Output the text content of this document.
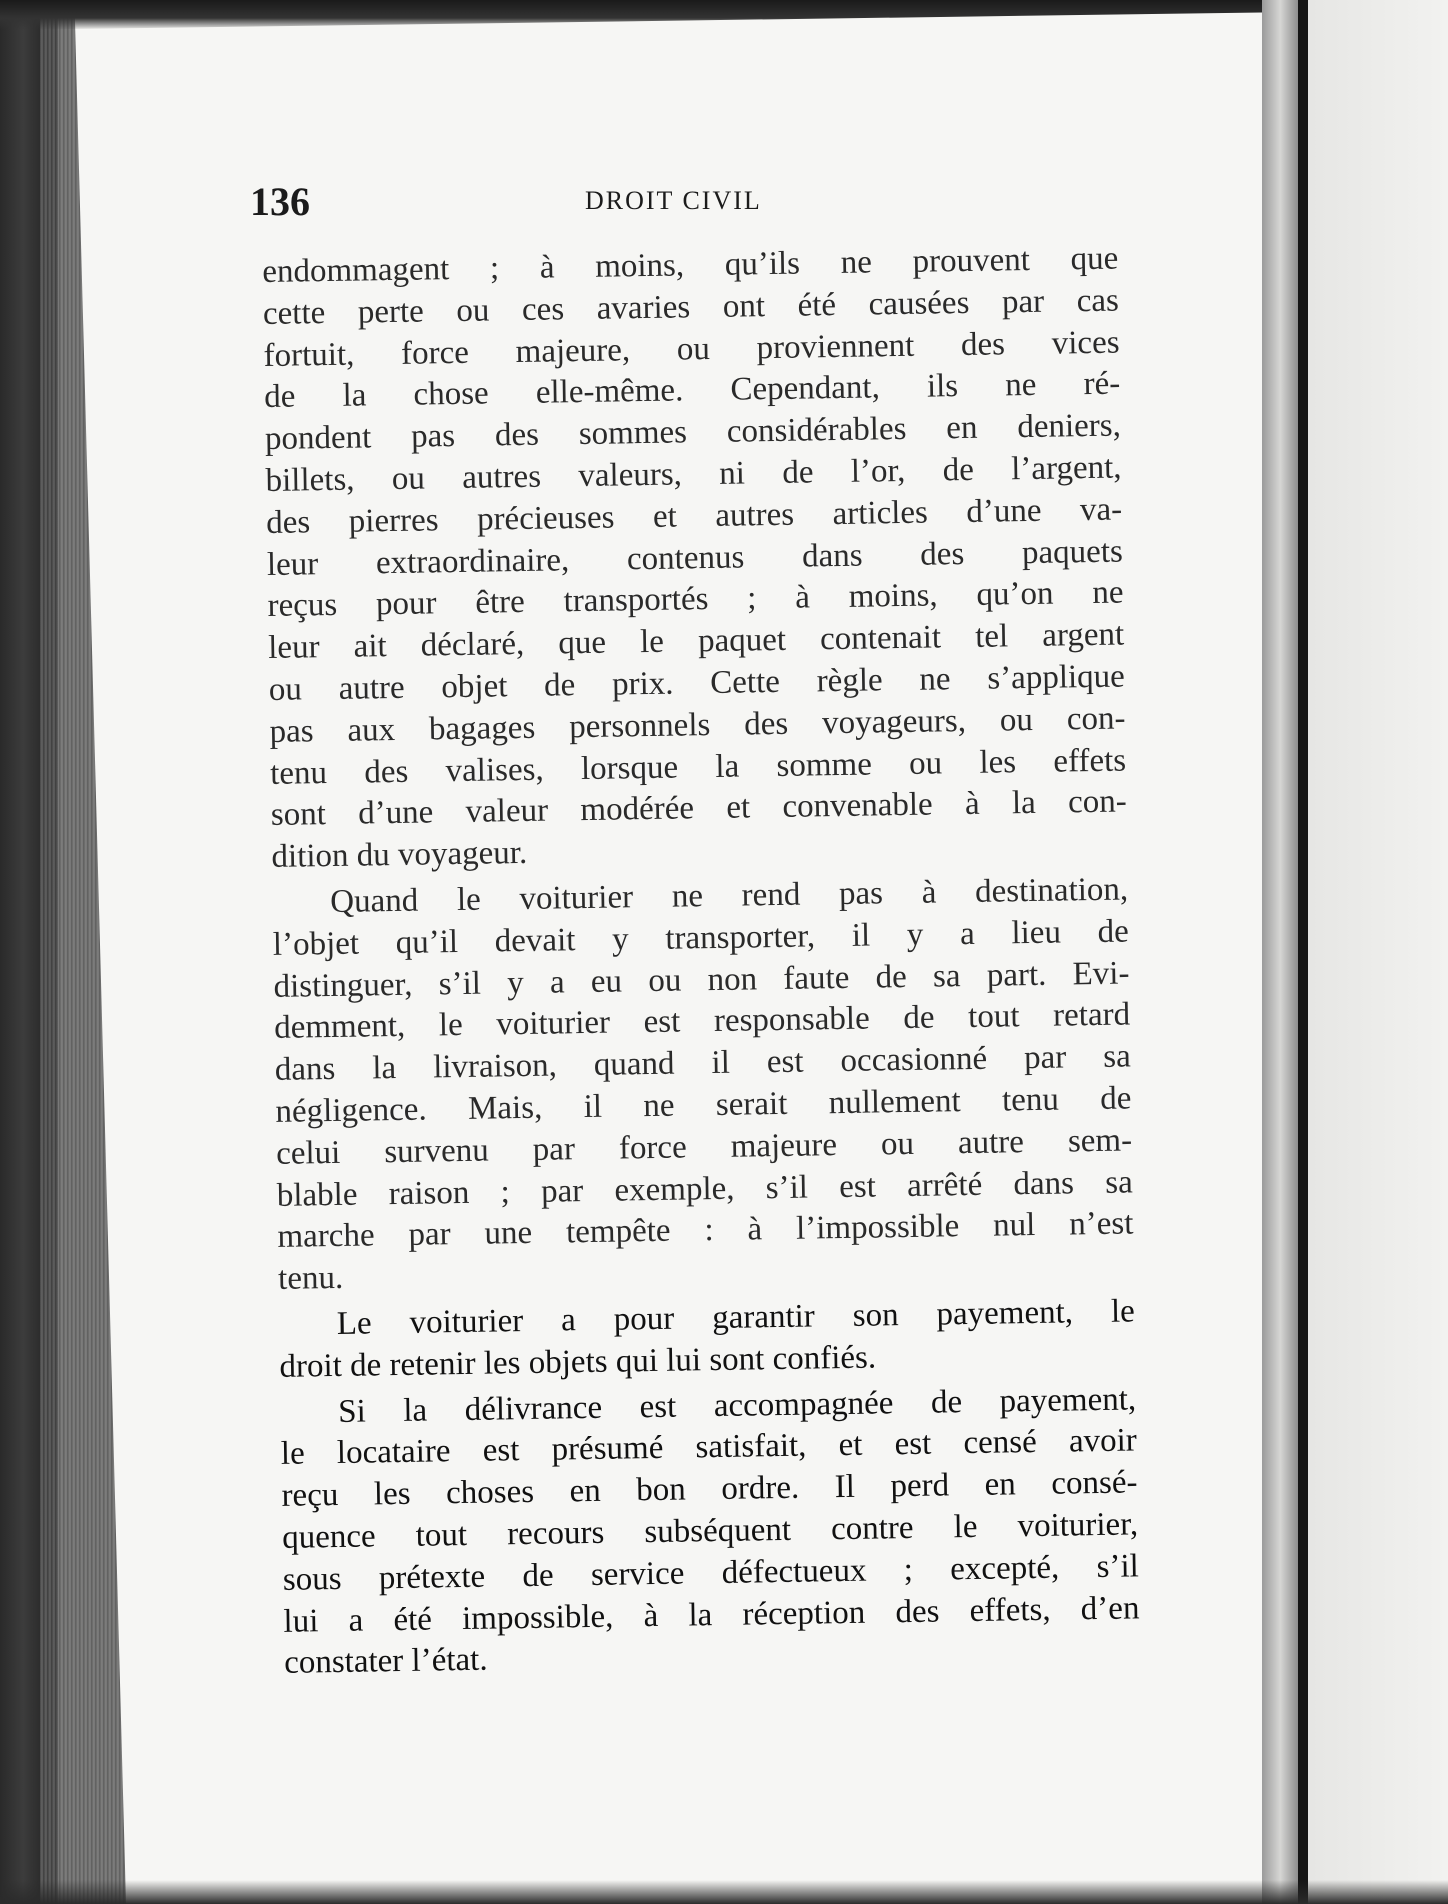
136	DROIT CIVIL

endommagent ; à moins, qu’ils ne prouvent que
cette perte ou ces avaries ont été causées par cas
fortuit, force majeure, ou proviennent des vices
de la chose elle-même. Cependant, ils ne ré-
pondent pas des sommes considérables en deniers,
billets, ou autres valeurs, ni de l’or, de l’argent,
des pierres précieuses et autres articles d’une va-
leur extraordinaire, contenus dans des paquets
reçus pour être transportés ; à moins, qu’on ne
leur ait déclaré, que le paquet contenait tel argent
ou autre objet de prix. Cette règle ne s’applique
pas aux bagages personnels des voyageurs, ou con-
tenu des valises, lorsque la somme ou les effets
sont d’une valeur modérée et convenable à la con-
dition du voyageur.

Quand le voiturier ne rend pas à destination,
l’objet qu’il devait y transporter, il y a lieu de
distinguer, s’il y a eu ou non faute de sa part. Evi-
demment, le voiturier est responsable de tout retard
dans la livraison, quand il est occasionné par sa
négligence. Mais, il ne serait nullement tenu de
celui survenu par force majeure ou autre sem-
blable raison ; par exemple, s’il est arrêté dans sa
marche par une tempête : à l’impossible nul n’est
tenu.

Le voiturier a pour garantir son payement, le
droit de retenir les objets qui lui sont confiés.

Si la délivrance est accompagnée de payement,
le locataire est présumé satisfait, et est censé avoir
reçu les choses en bon ordre. Il perd en consé-
quence tout recours subséquent contre le voiturier,
sous prétexte de service défectueux ; excepté, s’il
lui a été impossible, à la réception des effets, d’en
constater l’état.
